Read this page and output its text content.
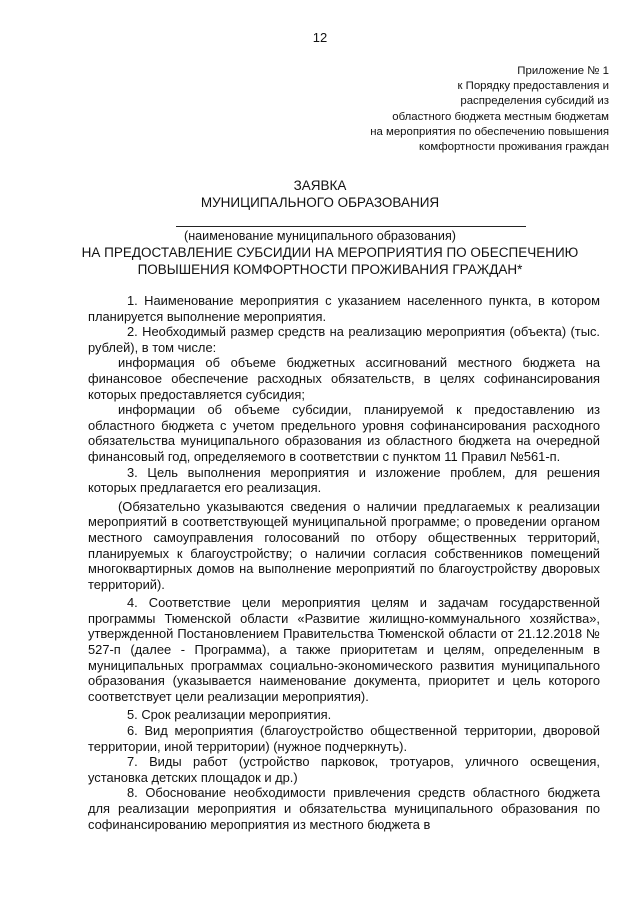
12
Приложение № 1
к Порядку предоставления и
распределения субсидий из
областного бюджета местным бюджетам
на мероприятия по обеспечению повышения
комфортности проживания граждан
ЗАЯВКА
МУНИЦИПАЛЬНОГО ОБРАЗОВАНИЯ
(наименование муниципального образования)
НА ПРЕДОСТАВЛЕНИЕ СУБСИДИИ НА МЕРОПРИЯТИЯ ПО ОБЕСПЕЧЕНИЮ ПОВЫШЕНИЯ КОМФОРТНОСТИ ПРОЖИВАНИЯ ГРАЖДАН*

1. Наименование мероприятия с указанием населенного пункта, в котором планируется выполнение мероприятия.

2. Необходимый размер средств на реализацию мероприятия (объекта) (тыс. рублей), в том числе:

информация об объеме бюджетных ассигнований местного бюджета на финансовое обеспечение расходных обязательств, в целях софинансирования которых предоставляется субсидия;

информации об объеме субсидии, планируемой к предоставлению из областного бюджета с учетом предельного уровня софинансирования расходного обязательства муниципального образования из областного бюджета на очередной финансовый год, определяемого в соответствии с пунктом 11 Правил №561-п.

3. Цель выполнения мероприятия и изложение проблем, для решения которых предлагается его реализация.

(Обязательно указываются сведения о наличии предлагаемых к реализации мероприятий в соответствующей муниципальной программе; о проведении органом местного самоуправления голосований по отбору общественных территорий, планируемых к благоустройству; о наличии согласия собственников помещений многоквартирных домов на выполнение мероприятий по благоустройству дворовых территорий).

4. Соответствие цели мероприятия целям и задачам государственной программы Тюменской области «Развитие жилищно-коммунального хозяйства», утвержденной Постановлением Правительства Тюменской области от 21.12.2018 № 527-п (далее - Программа), а также приоритетам и целям, определенным в муниципальных программах социально-экономического развития муниципального образования (указывается наименование документа, приоритет и цель которого соответствует цели реализации мероприятия).

5. Срок реализации мероприятия.

6. Вид мероприятия (благоустройство общественной территории, дворовой территории, иной территории) (нужное подчеркнуть).

7. Виды работ (устройство парковок, тротуаров, уличного освещения, установка детских площадок и др.)

8. Обоснование необходимости привлечения средств областного бюджета для реализации мероприятия и обязательства муниципального образования по софинансированию мероприятия из местного бюджета в
